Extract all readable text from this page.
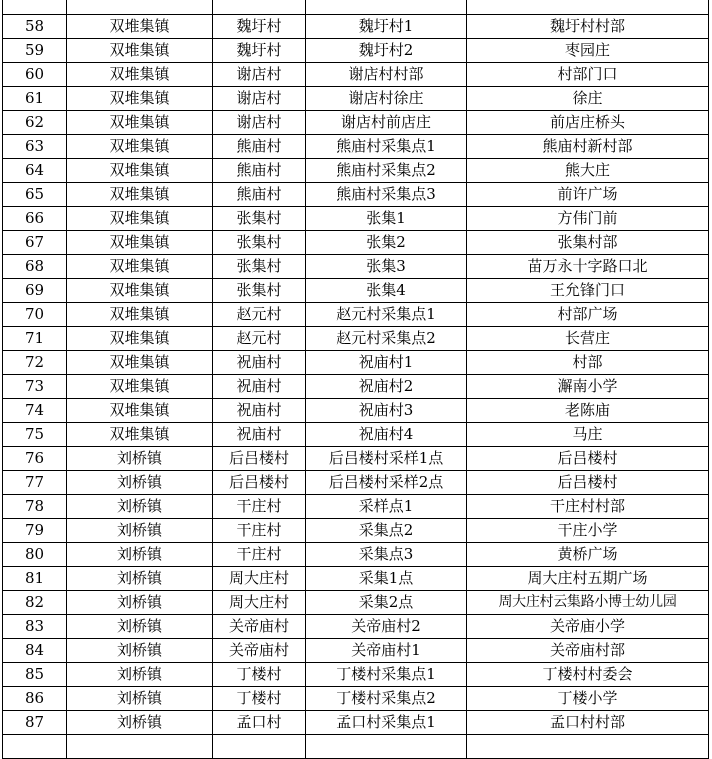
58	双堆集镇	魏圩村	魏圩村1	魏圩村村部
59	双堆集镇	魏圩村	魏圩村2	枣园庄
60	双堆集镇	谢店村	谢店村村部	村部门口
61	双堆集镇	谢店村	谢店村徐庄	徐庄
62	双堆集镇	谢店村	谢店村前店庄	前店庄桥头
63	双堆集镇	熊庙村	熊庙村采集点1	熊庙村新村部
64	双堆集镇	熊庙村	熊庙村采集点2	熊大庄
65	双堆集镇	熊庙村	熊庙村采集点3	前许广场
66	双堆集镇	张集村	张集1	方伟门前
67	双堆集镇	张集村	张集2	张集村部
68	双堆集镇	张集村	张集3	苗万永十字路口北
69	双堆集镇	张集村	张集4	王允锋门口
70	双堆集镇	赵元村	赵元村采集点1	村部广场
71	双堆集镇	赵元村	赵元村采集点2	长营庄
72	双堆集镇	祝庙村	祝庙村1	村部
73	双堆集镇	祝庙村	祝庙村2	澥南小学
74	双堆集镇	祝庙村	祝庙村3	老陈庙
75	双堆集镇	祝庙村	祝庙村4	马庄
76	刘桥镇	后吕楼村	后吕楼村采样1点	后吕楼村
77	刘桥镇	后吕楼村	后吕楼村采样2点	后吕楼村
78	刘桥镇	干庄村	采样点1	干庄村村部
79	刘桥镇	干庄村	采集点2	干庄小学
80	刘桥镇	干庄村	采集点3	黄桥广场
81	刘桥镇	周大庄村	采集1点	周大庄村五期广场
82	刘桥镇	周大庄村	采集2点	周大庄村云集路小博士幼儿园
83	刘桥镇	关帝庙村	关帝庙村2	关帝庙小学
84	刘桥镇	关帝庙村	关帝庙村1	关帝庙村部
85	刘桥镇	丁楼村	丁楼村采集点1	丁楼村村委会
86	刘桥镇	丁楼村	丁楼村采集点2	丁楼小学
87	刘桥镇	孟口村	孟口村采集点1	孟口村村部
